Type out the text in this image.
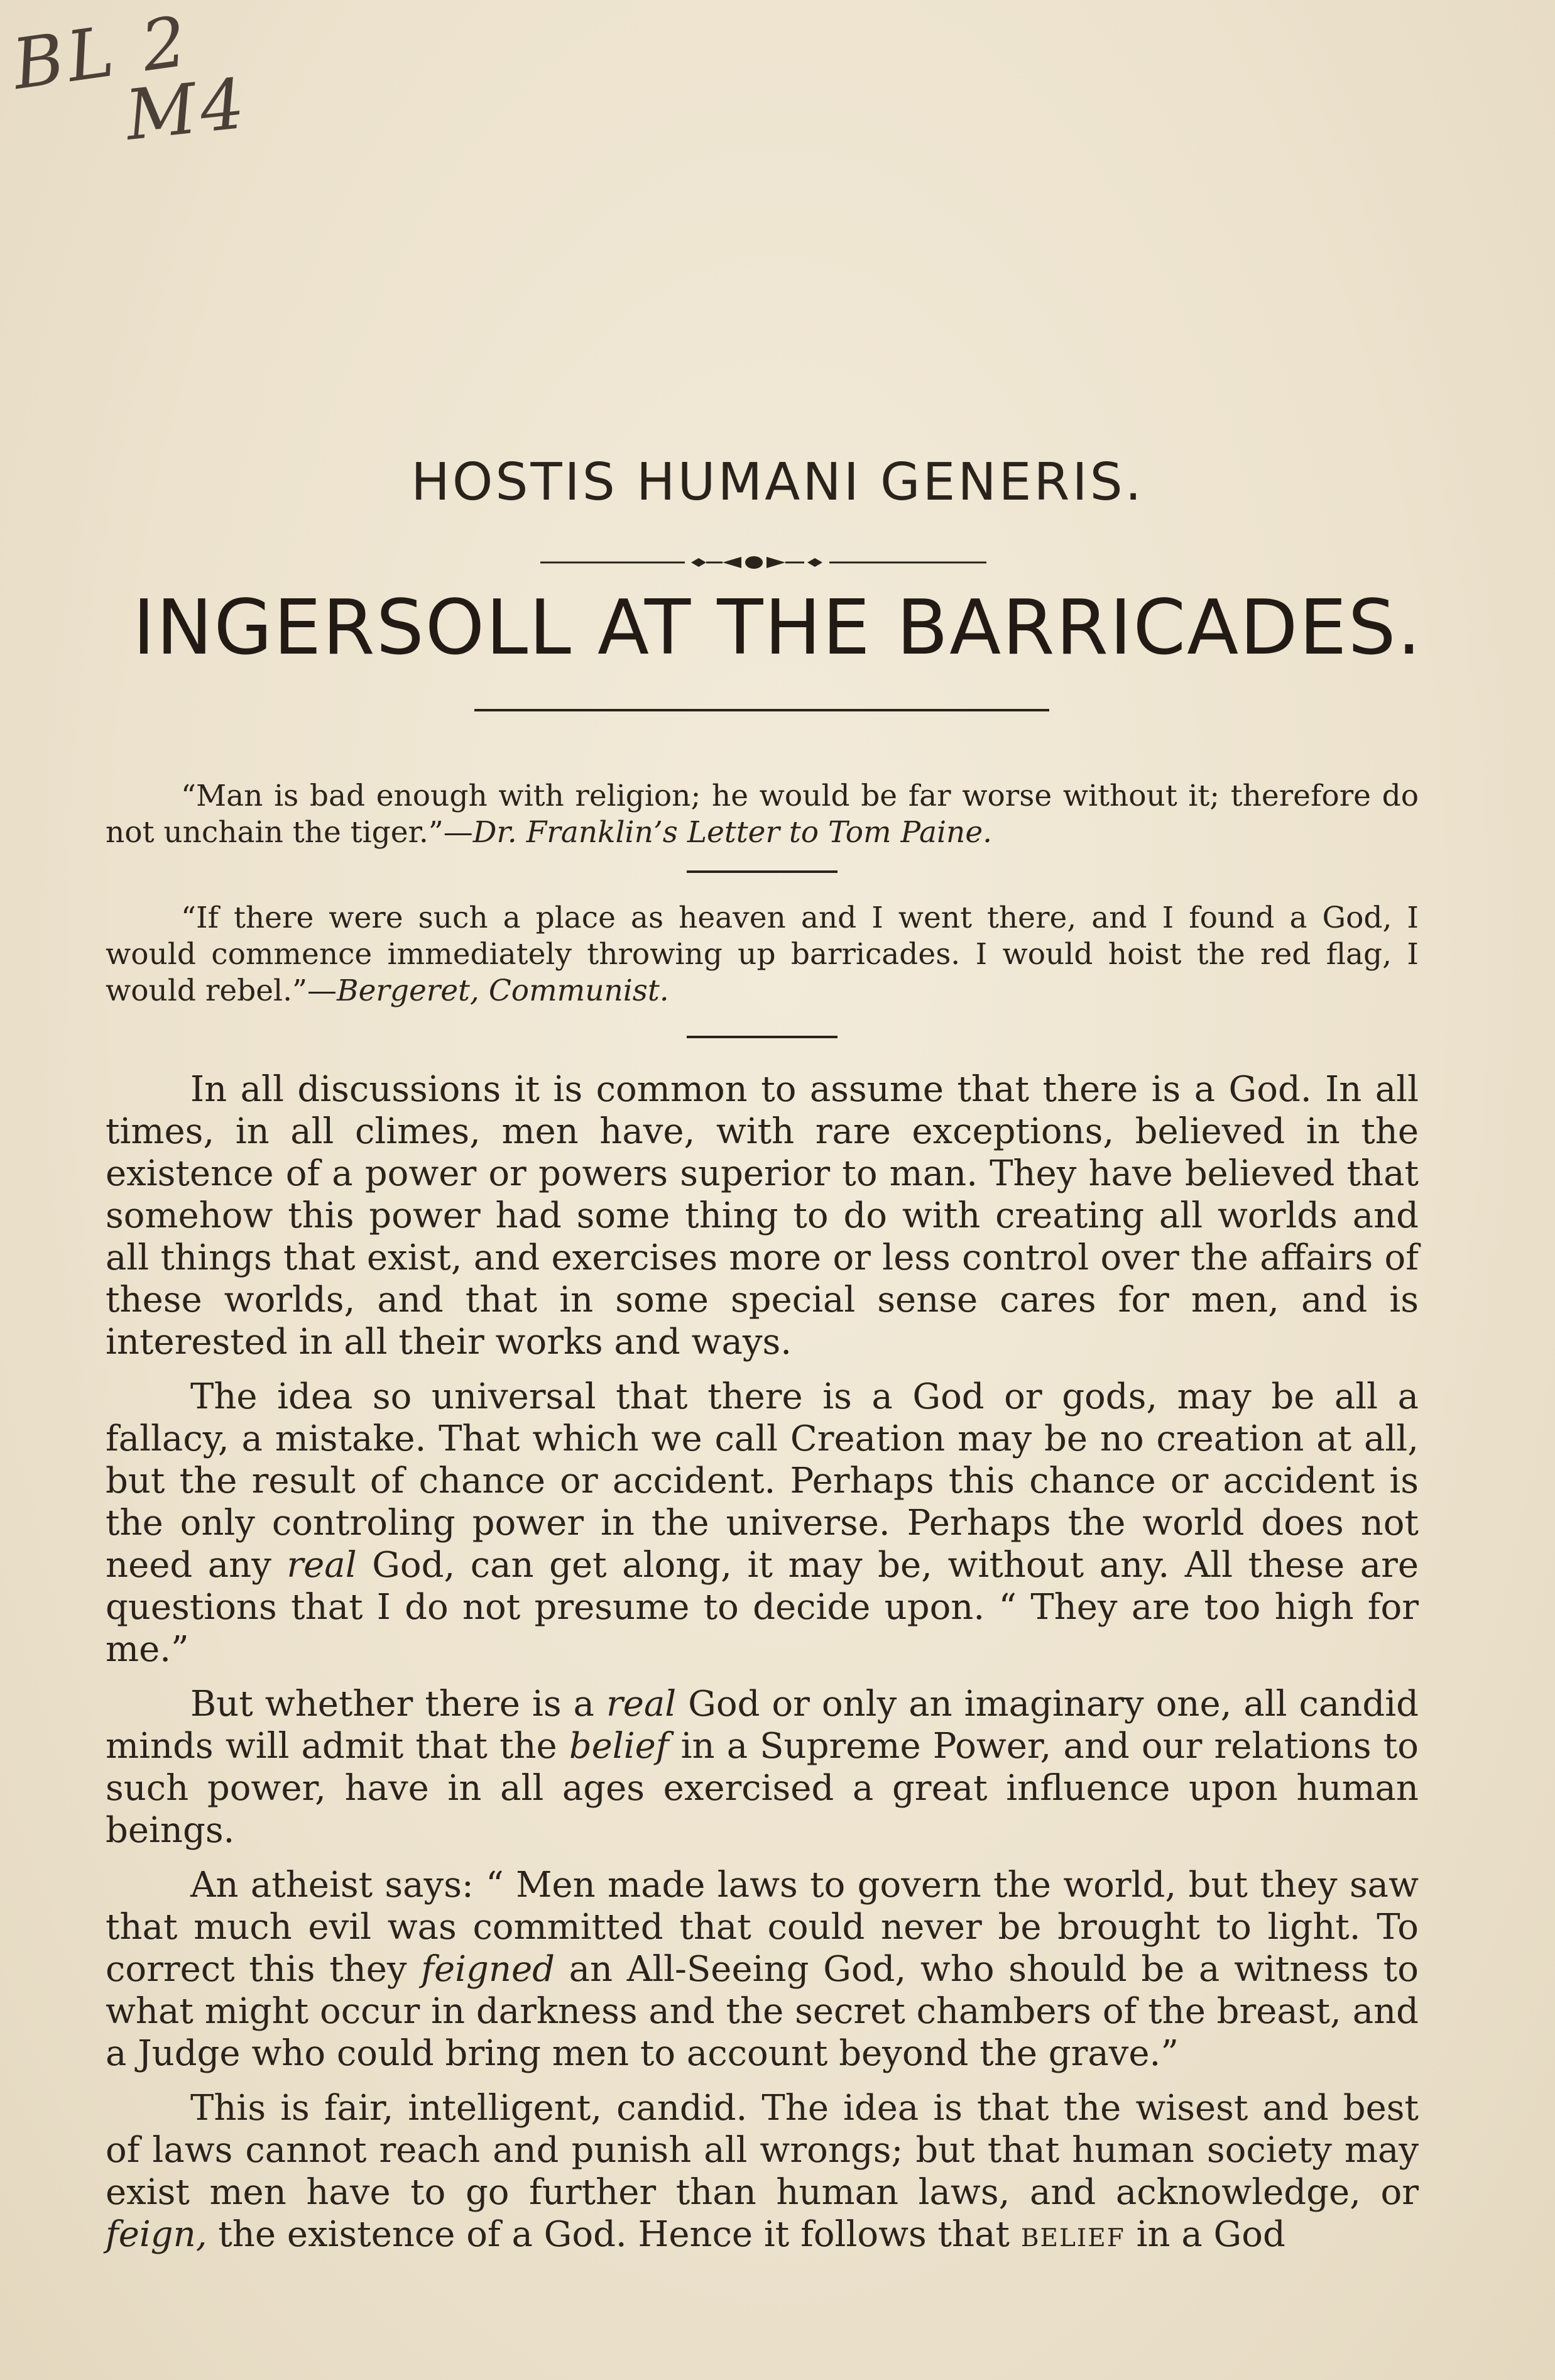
BL 2
M4
HOSTIS HUMANI GENERIS.
INGERSOLL AT THE BARRICADES.

“Man is bad enough with religion; he would be far worse without it; therefore do not unchain the tiger.”—Dr. Franklin’s Letter to Tom Paine.

“If there were such a place as heaven and I went there, and I found a God, I would commence immediately throwing up barricades. I would hoist the red flag, I would rebel.”—Bergeret, Communist.

In all discussions it is common to assume that there is a God. In all times, in all climes, men have, with rare exceptions, believed in the existence of a power or powers superior to man. They have believed that somehow this power had some thing to do with creating all worlds and all things that exist, and exercises more or less control over the affairs of these worlds, and that in some special sense cares for men, and is interested in all their works and ways.

The idea so universal that there is a God or gods, may be all a fallacy, a mistake. That which we call Creation may be no creation at all, but the result of chance or accident. Perhaps this chance or accident is the only controling power in the universe. Perhaps the world does not need any real God, can get along, it may be, without any. All these are questions that I do not presume to decide upon. “ They are too high for me.”

But whether there is a real God or only an imaginary one, all candid minds will admit that the belief in a Supreme Power, and our relations to such power, have in all ages exercised a great influence upon human beings.

An atheist says: “ Men made laws to govern the world, but they saw that much evil was committed that could never be brought to light. To correct this they feigned an All-Seeing God, who should be a witness to what might occur in darkness and the secret chambers of the breast, and a Judge who could bring men to account beyond the grave.”

This is fair, intelligent, candid. The idea is that the wisest and best of laws cannot reach and punish all wrongs; but that human society may exist men have to go further than human laws, and acknowledge, or feign, the existence of a God. Hence it follows that belief in a God
